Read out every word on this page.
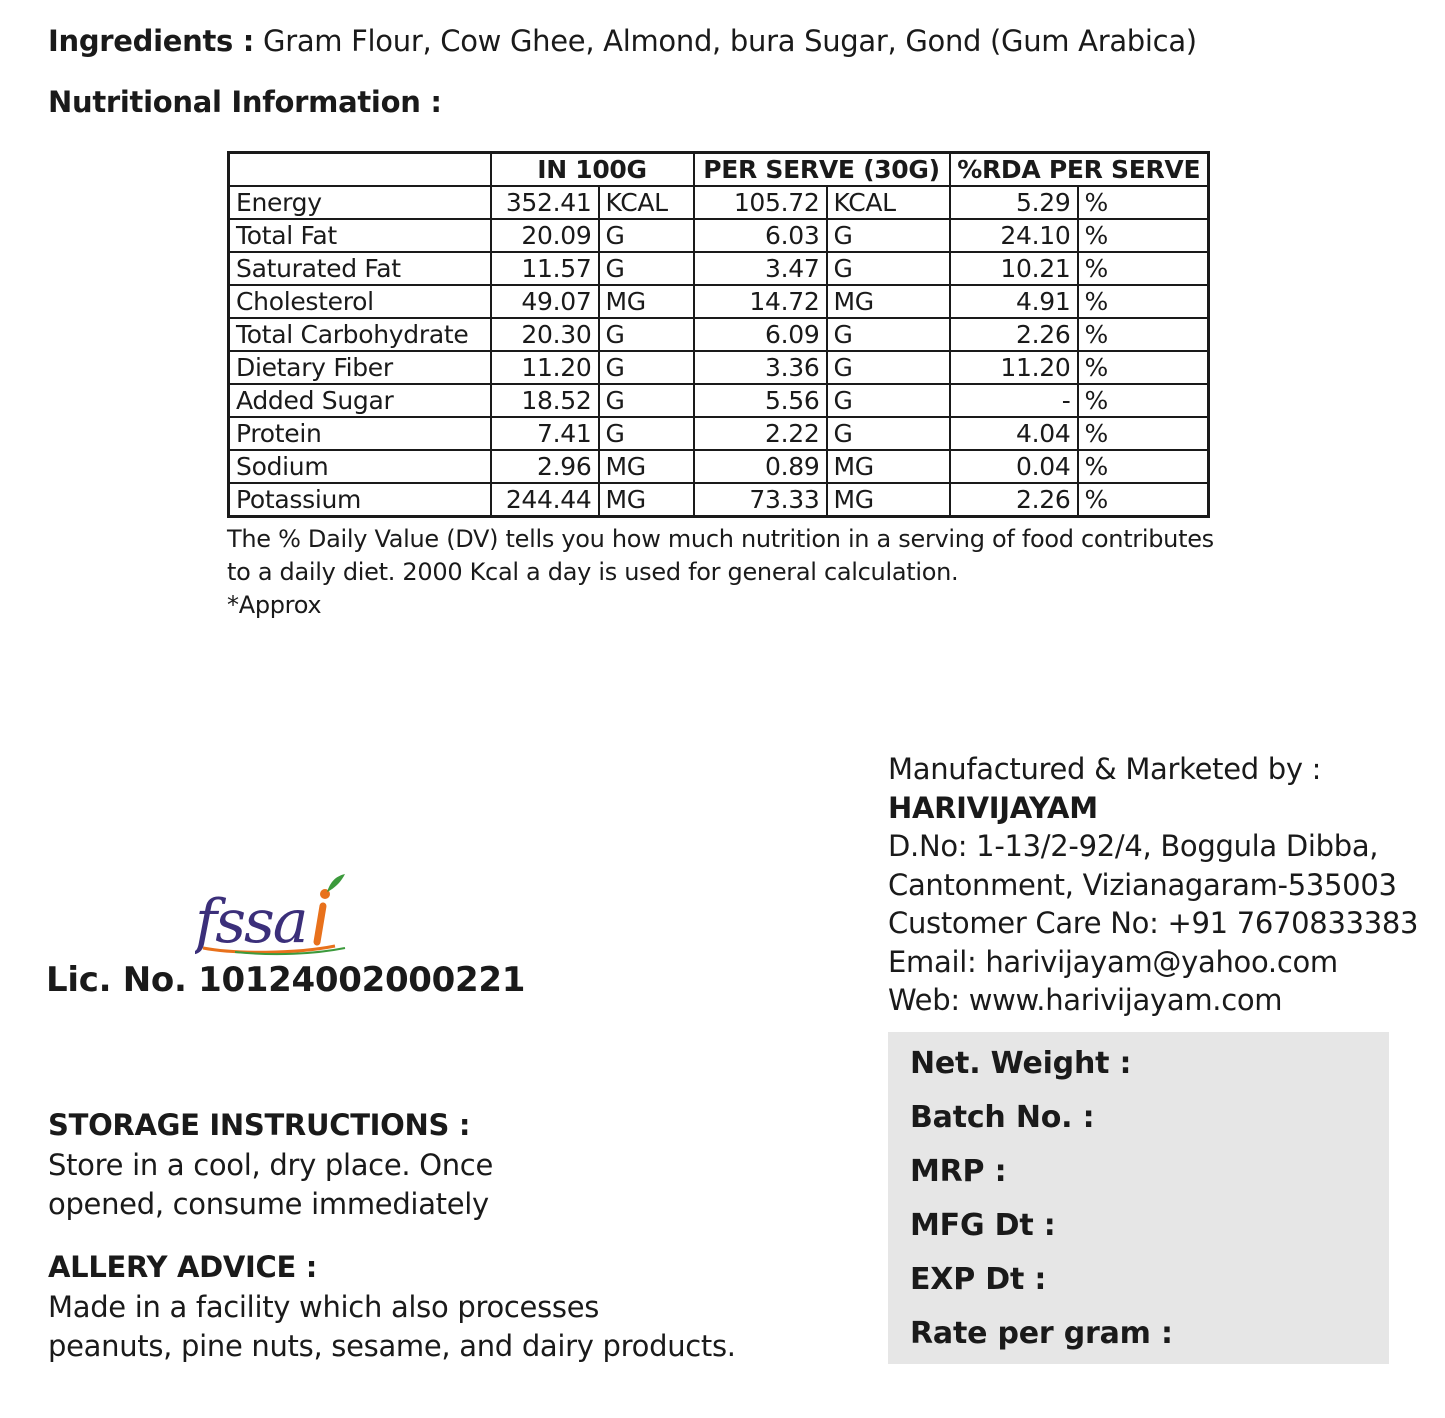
Ingredients : Gram Flour, Cow Ghee, Almond, bura Sugar, Gond (Gum Arabica)
Nutritional Information :
	IN 100G		PER SERVE (30G)		%RDA PER SERVE	
Energy	352.41	KCAL	105.72	KCAL	5.29	%
Total Fat	20.09	G	6.03	G	24.10	%
Saturated Fat	11.57	G	3.47	G	10.21	%
Cholesterol	49.07	MG	14.72	MG	4.91	%
Total Carbohydrate	20.30	G	6.09	G	2.26	%
Dietary Fiber	11.20	G	3.36	G	11.20	%
Added Sugar	18.52	G	5.56	G	-	%
Protein	7.41	G	2.22	G	4.04	%
Sodium	2.96	MG	0.89	MG	0.04	%
Potassium	244.44	MG	73.33	MG	2.26	%
The % Daily Value (DV) tells you how much nutrition in a serving of food contributes
to a daily diet. 2000 Kcal a day is used for general calculation.
*Approx
Manufactured & Marketed by :
HARIVIJAYAM
D.No: 1-13/2-92/4, Boggula Dibba,
Cantonment, Vizianagaram-535003
Customer Care No: +91 7670833383
Email: harivijayam@yahoo.com
Web: www.harivijayam.com
fssa
Lic. No. 10124002000221
STORAGE INSTRUCTIONS :
Store in a cool, dry place. Once
opened, consume immediately
ALLERY ADVICE :
Made in a facility which also processes
peanuts, pine nuts, sesame, and dairy products.
Net. Weight :
Batch No. :
MRP :
MFG Dt :
EXP Dt :
Rate per gram :
